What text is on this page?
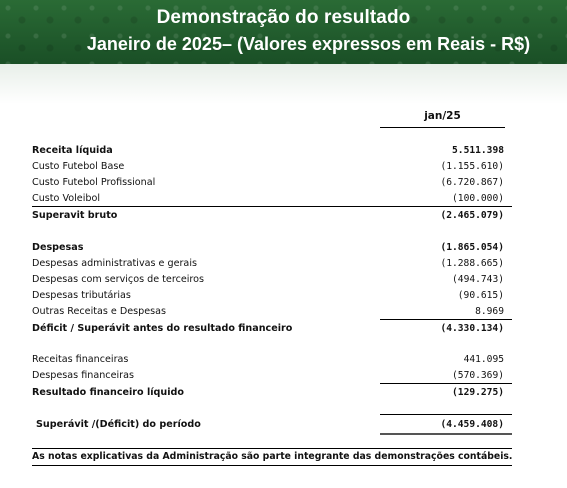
Demonstração do resultado
Janeiro de 2025– (Valores expressos em Reais - R$)
jan/25
Receita líquida	5.511.398
Custo Futebol Base	(1.155.610)
Custo Futebol Profissional	(6.720.867)
Custo Voleibol	(100.000)
Superavit bruto	(2.465.079)
Despesas	(1.865.054)
Despesas administrativas e gerais	(1.288.665)
Despesas com serviços de terceiros	(494.743)
Despesas tributárias	(90.615)
Outras Receitas e Despesas	8.969
Déficit / Superávit antes do resultado financeiro	(4.330.134)
Receitas financeiras	441.095
Despesas financeiras	(570.369)
Resultado financeiro líquido	(129.275)
Superávit /(Déficit) do período	(4.459.408)
As notas explicativas da Administração são parte integrante das demonstrações contábeis.
